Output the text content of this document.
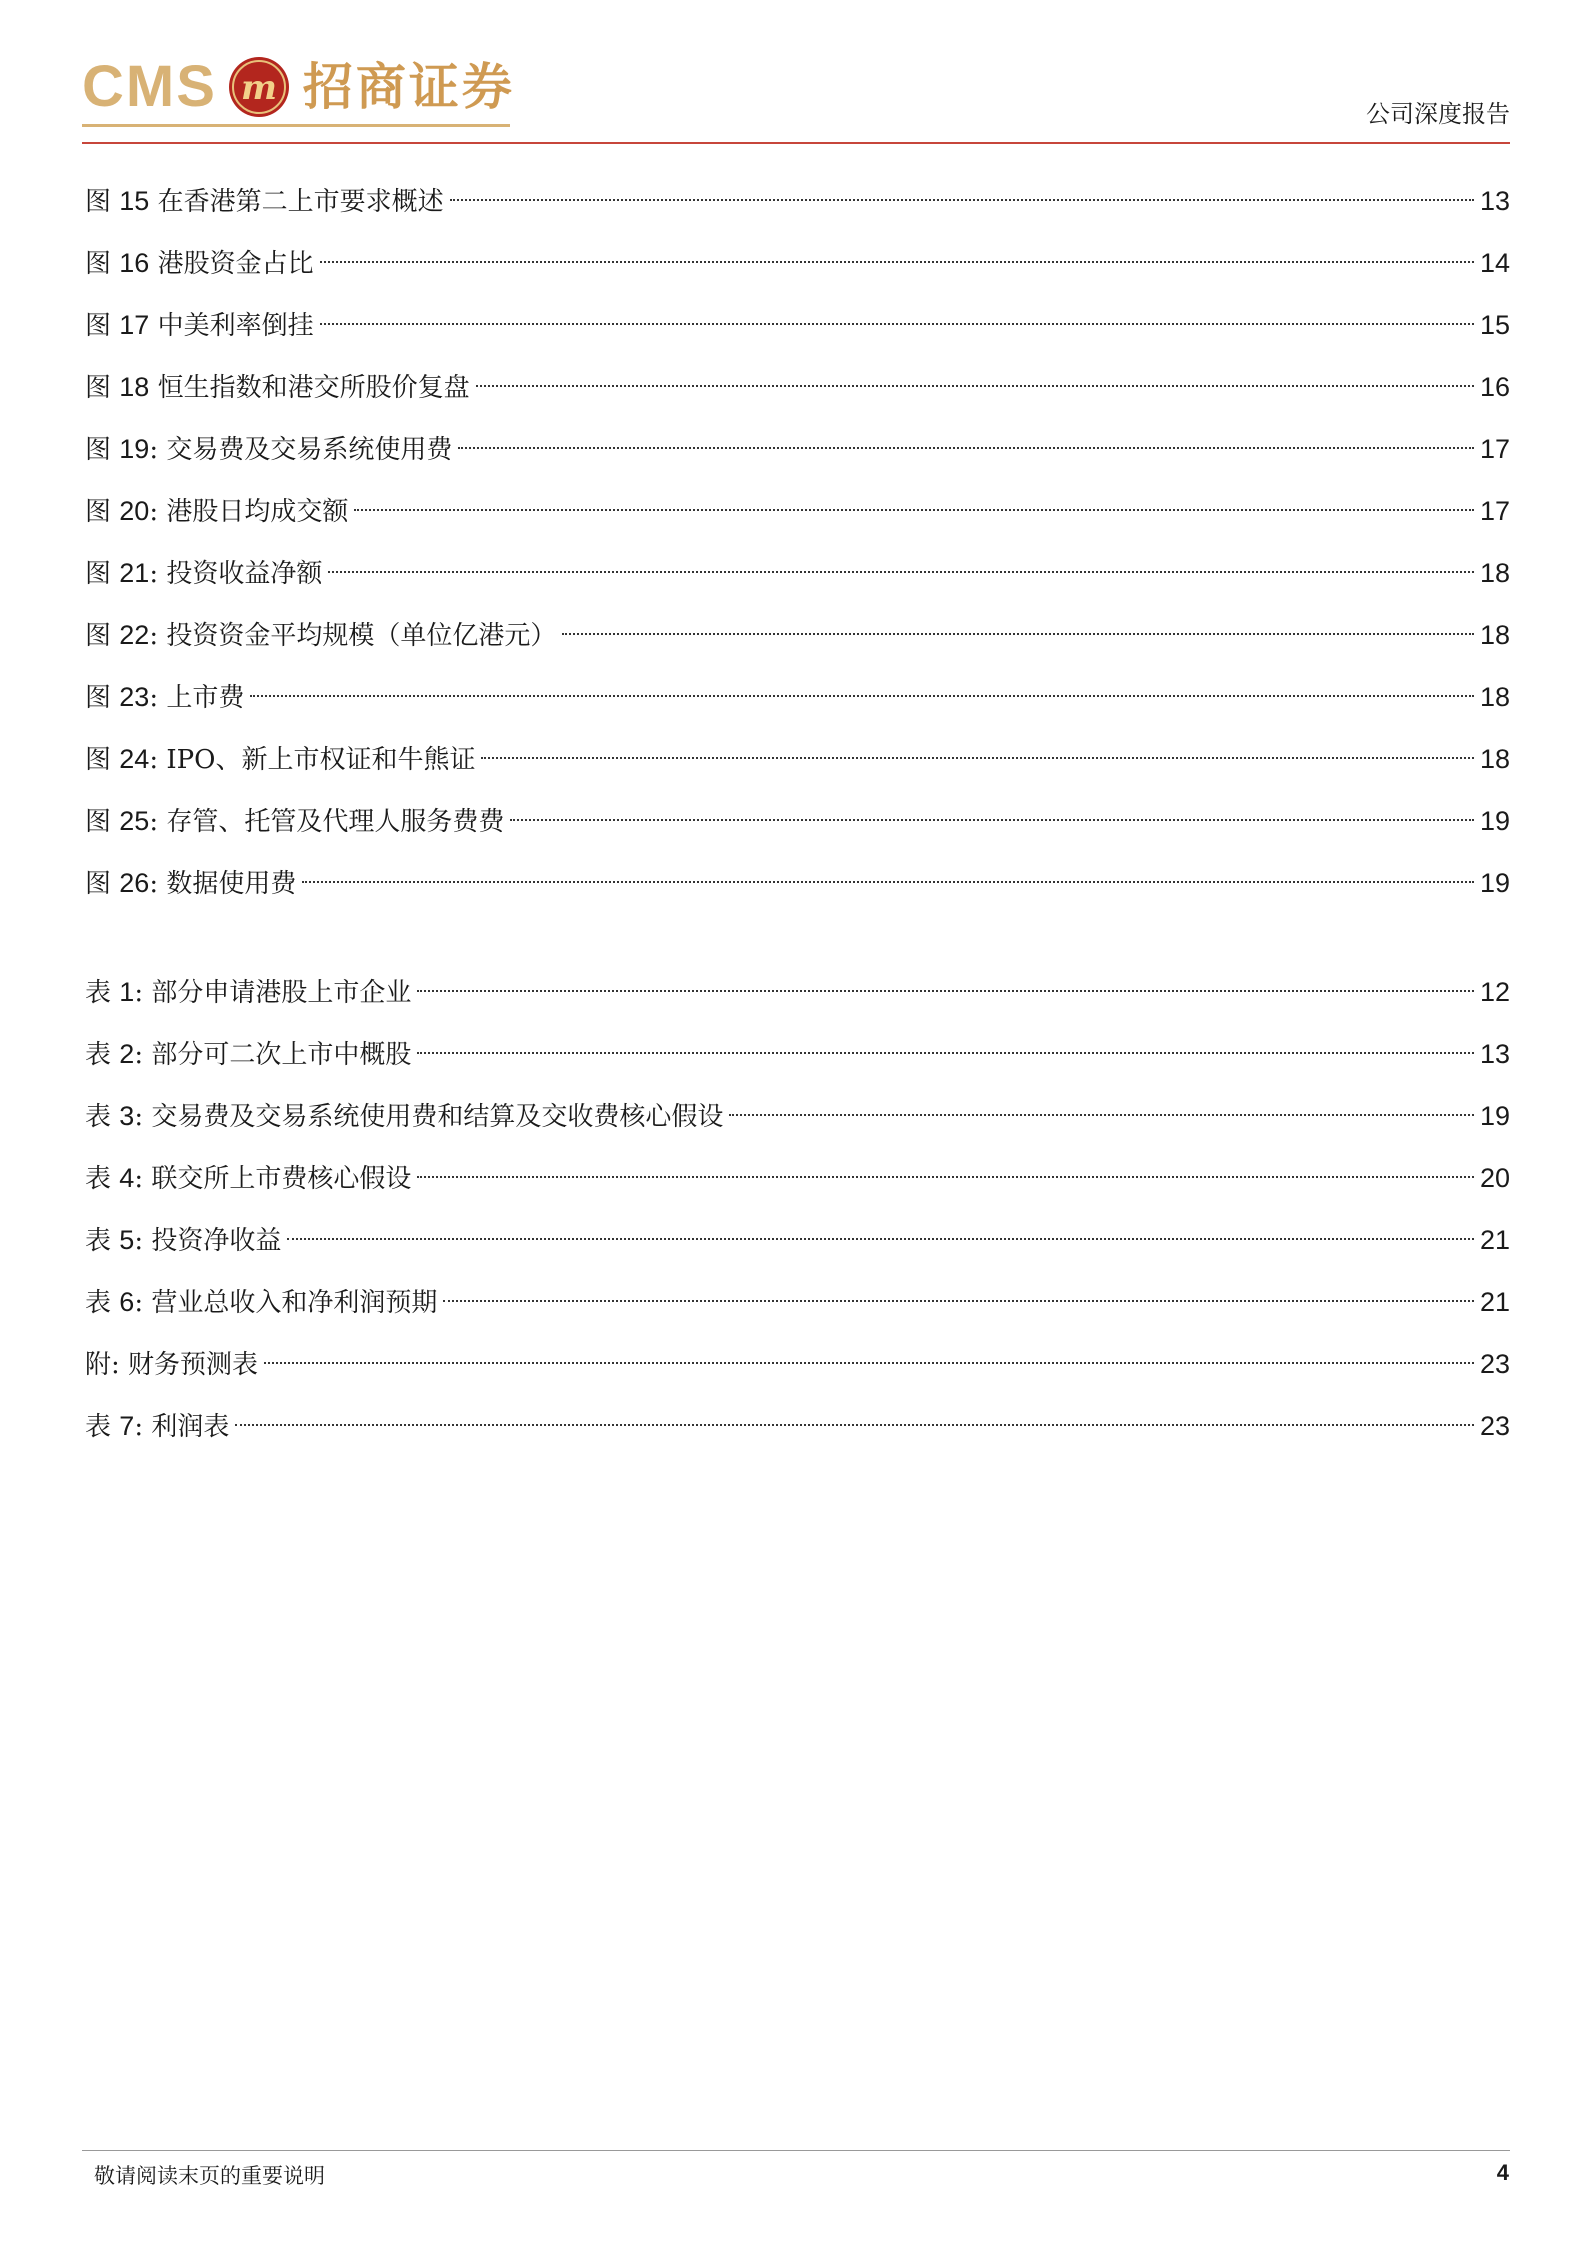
CMS m 招商证券	公司深度报告
图 15 在香港第二上市要求概述	13
图 16 港股资金占比	14
图 17 中美利率倒挂	15
图 18 恒生指数和港交所股价复盘	16
图 19: 交易费及交易系统使用费	17
图 20: 港股日均成交额	17
图 21: 投资收益净额	18
图 22: 投资资金平均规模（单位亿港元）	18
图 23: 上市费	18
图 24: IPO、新上市权证和牛熊证	18
图 25: 存管、托管及代理人服务费费	19
图 26: 数据使用费	19
表 1: 部分申请港股上市企业	12
表 2: 部分可二次上市中概股	13
表 3: 交易费及交易系统使用费和结算及交收费核心假设	19
表 4: 联交所上市费核心假设	20
表 5: 投资净收益	21
表 6: 营业总收入和净利润预期	21
附: 财务预测表	23
表 7: 利润表	23
敬请阅读末页的重要说明	4
